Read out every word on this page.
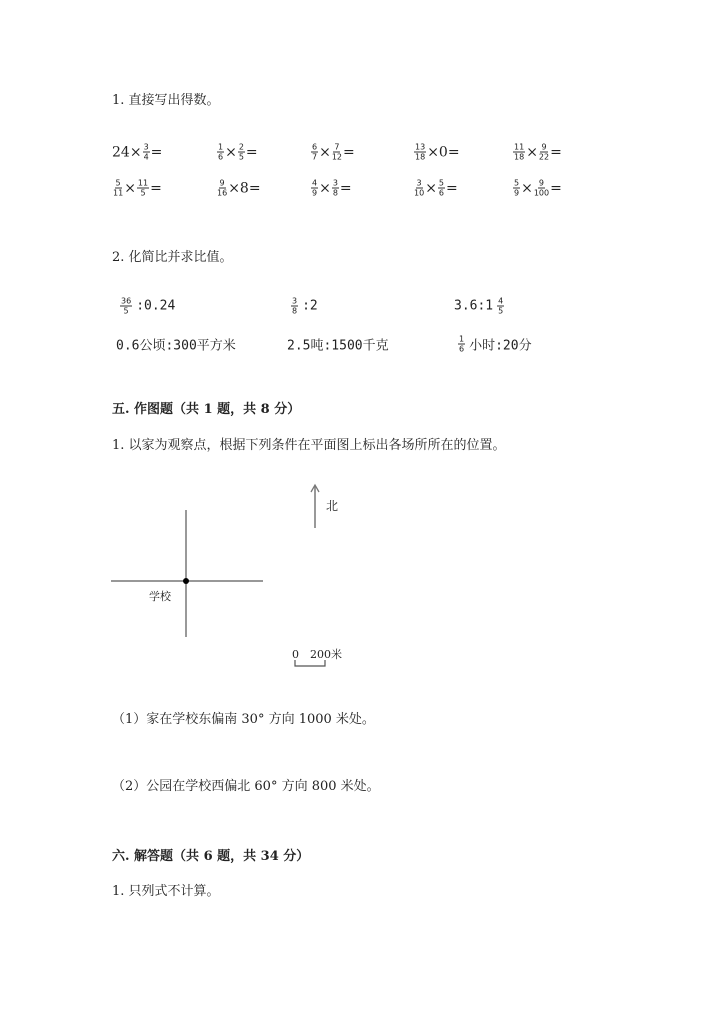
1. 直接写出得数。
$24 \times \frac{3}{4}$ =	$\frac{1}{6} \times \frac{2}{5}$ =	$\frac{6}{7} \times \frac{7}{12}$ =	$\frac{13}{18} \times 0$ =	$\frac{11}{18} \times \frac{9}{22}$ =
$\frac{5}{11} \times \frac{11}{5}$ =	$\frac{9}{16} \times 8$ =	$\frac{4}{9} \times \frac{3}{8}$ =	$\frac{3}{10} \times \frac{5}{6}$ =	$\frac{5}{9} \times \frac{9}{100}$ =
2. 化简比并求比值。
$\frac{36}{5}$ :0.24	$\frac{3}{8}$ :2	3.6:1 $\frac{4}{5}$
0.6公顷:300平方米	2.5吨:1500千克	$\frac{1}{6}$ 小时:20分
五. 作图题（共 1 题，共 8 分）
1. 以家为观察点，根据下列条件在平面图上标出各场所所在的位置。
学校
北
0 200米
（1）家在学校东偏南 30° 方向 1000 米处。
（2）公园在学校西偏北 60° 方向 800 米处。
六. 解答题（共 6 题，共 34 分）
1. 只列式不计算。
